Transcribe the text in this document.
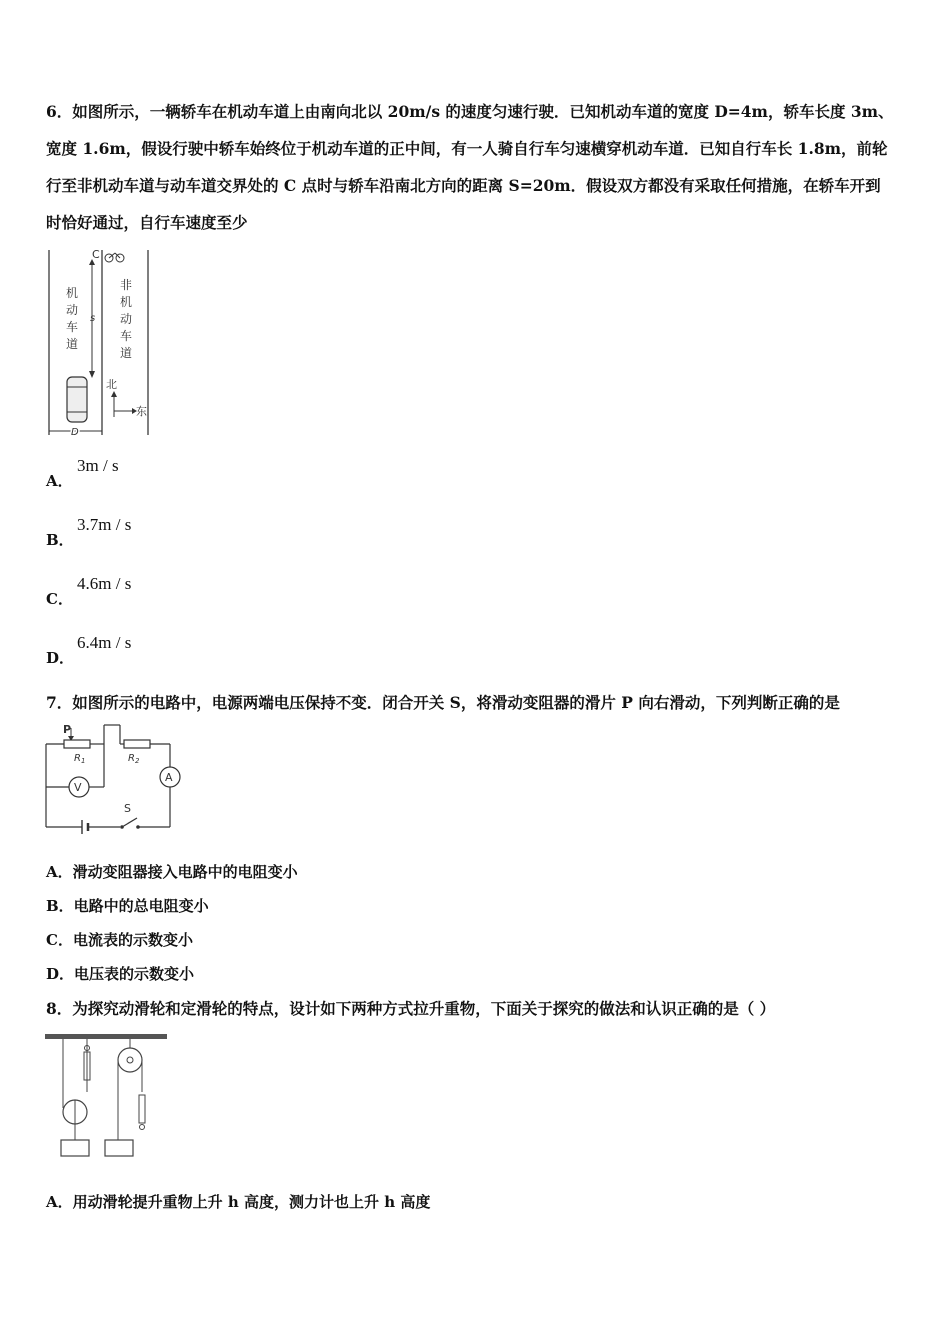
6．如图所示，一辆轿车在机动车道上由南向北以 20m/s 的速度匀速行驶．已知机动车道的宽度 D=4m，轿车长度 3m、宽度 1.6m，假设行驶中轿车始终位于机动车道的正中间，有一人骑自行车匀速横穿机动车道．已知自行车长 1.8m，前轮行至非机动车道与动车道交界处的 C 点时与轿车沿南北方向的距离 S=20m．假设双方都没有采取任何措施，在轿车开到时恰好通过，自行车速度至少
C
s
机
动
车
道
非
机
动
车
道
北
东
D
A．
3m / s
B．
3.7m / s
C．
4.6m / s
D．
6.4m / s
7．如图所示的电路中，电源两端电压保持不变．闭合开关 S，将滑动变阻器的滑片 P 向右滑动，下列判断正确的是
P
$R_1$	$R_2$
A
V
S
A．滑动变阻器接入电路中的电阻变小
B．电路中的总电阻变小
C．电流表的示数变小
D．电压表的示数变小
8．为探究动滑轮和定滑轮的特点，设计如下两种方式拉升重物，下面关于探究的做法和认识正确的是（ ）
A．用动滑轮提升重物上升 h 高度，测力计也上升 h 高度
